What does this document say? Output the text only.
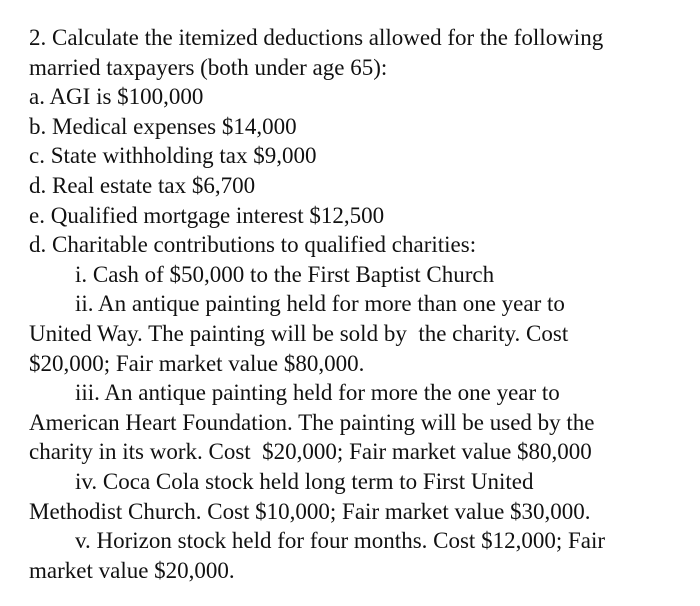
2. Calculate the itemized deductions allowed for the following
married taxpayers (both under age 65):
a. AGI is $100,000
b. Medical expenses $14,000
c. State withholding tax $9,000
d. Real estate tax $6,700
e. Qualified mortgage interest $12,500
d. Charitable contributions to qualified charities:
i. Cash of $50,000 to the First Baptist Church
ii. An antique painting held for more than one year to
United Way. The painting will be sold by  the charity. Cost
$20,000; Fair market value $80,000.
iii. An antique painting held for more the one year to
American Heart Foundation. The painting will be used by the
charity in its work. Cost  $20,000; Fair market value $80,000
iv. Coca Cola stock held long term to First United
Methodist Church. Cost $10,000; Fair market value $30,000.
v. Horizon stock held for four months. Cost $12,000; Fair
market value $20,000.
